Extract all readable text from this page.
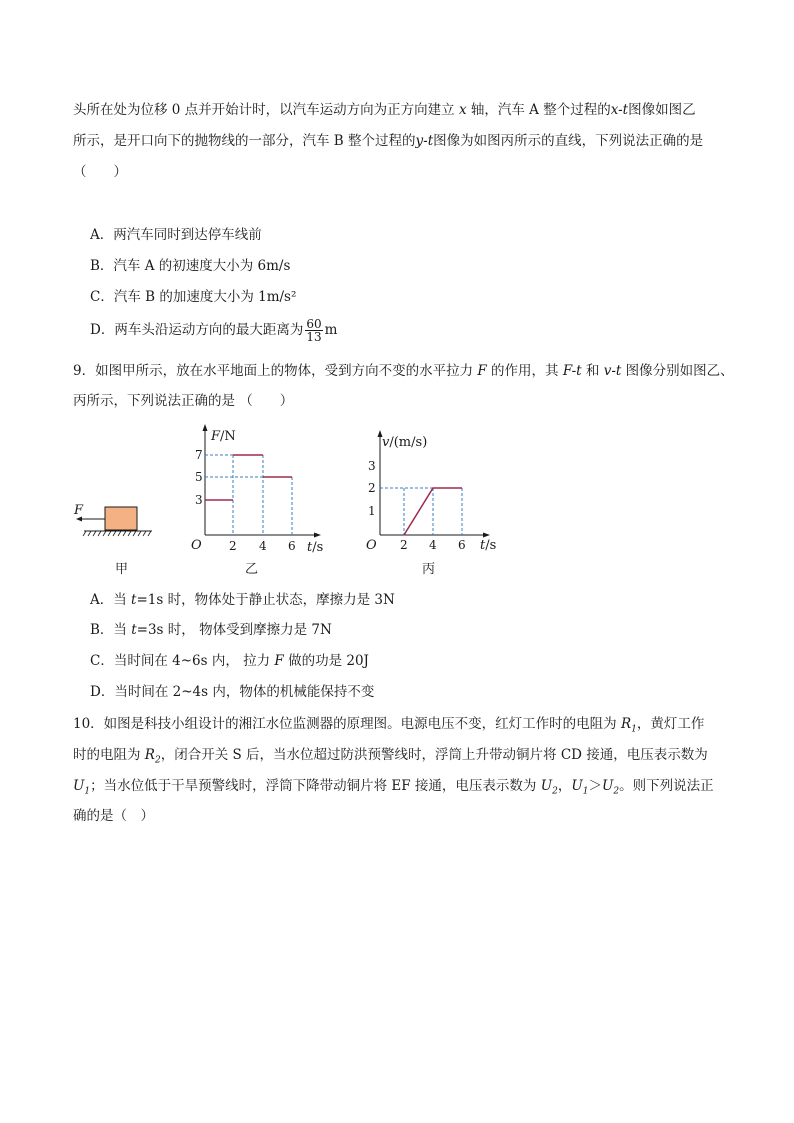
头所在处为位移 0 点并开始计时，以汽车运动方向为正方向建立 x 轴，汽车 A 整个过程的x-t图像如图乙
所示，是开口向下的抛物线的一部分，汽车 B 整个过程的y-t图像为如图丙所示的直线，下列说法正确的是
（　　）
A．两汽车同时到达停车线前
B．汽车 A 的初速度大小为 6m/s
C．汽车 B 的加速度大小为 1m/s²
D．两车头沿运动方向的最大距离为 $\frac{60}{13}$ m
9．如图甲所示，放在水平地面上的物体，受到方向不变的水平拉力 F 的作用，其 F-t 和 v-t 图像分别如图乙、
丙所示，下列说法正确的是 （　　）
F
甲
F/N
t/s
O
3
5
7
2 4 6
乙
v/(m/s)
t/s
O
1
2
3
2 4 6
丙
A．当 t=1s 时，物体处于静止状态，摩擦力是 3N
B．当 t=3s 时， 物体受到摩擦力是 7N
C．当时间在 4~6s 内， 拉力 F 做的功是 20J
D．当时间在 2~4s 内，物体的机械能保持不变
10．如图是科技小组设计的湘江水位监测器的原理图。电源电压不变，红灯工作时的电阻为 $R_1$，黄灯工作
时的电阻为 $R_2$，闭合开关 S 后，当水位超过防洪预警线时，浮筒上升带动铜片将 CD 接通，电压表示数为
$U_1$；当水位低于干旱预警线时，浮筒下降带动铜片将 EF 接通，电压表示数为 $U_2$，$U_1>U_2$。则下列说法正
确的是（　）
